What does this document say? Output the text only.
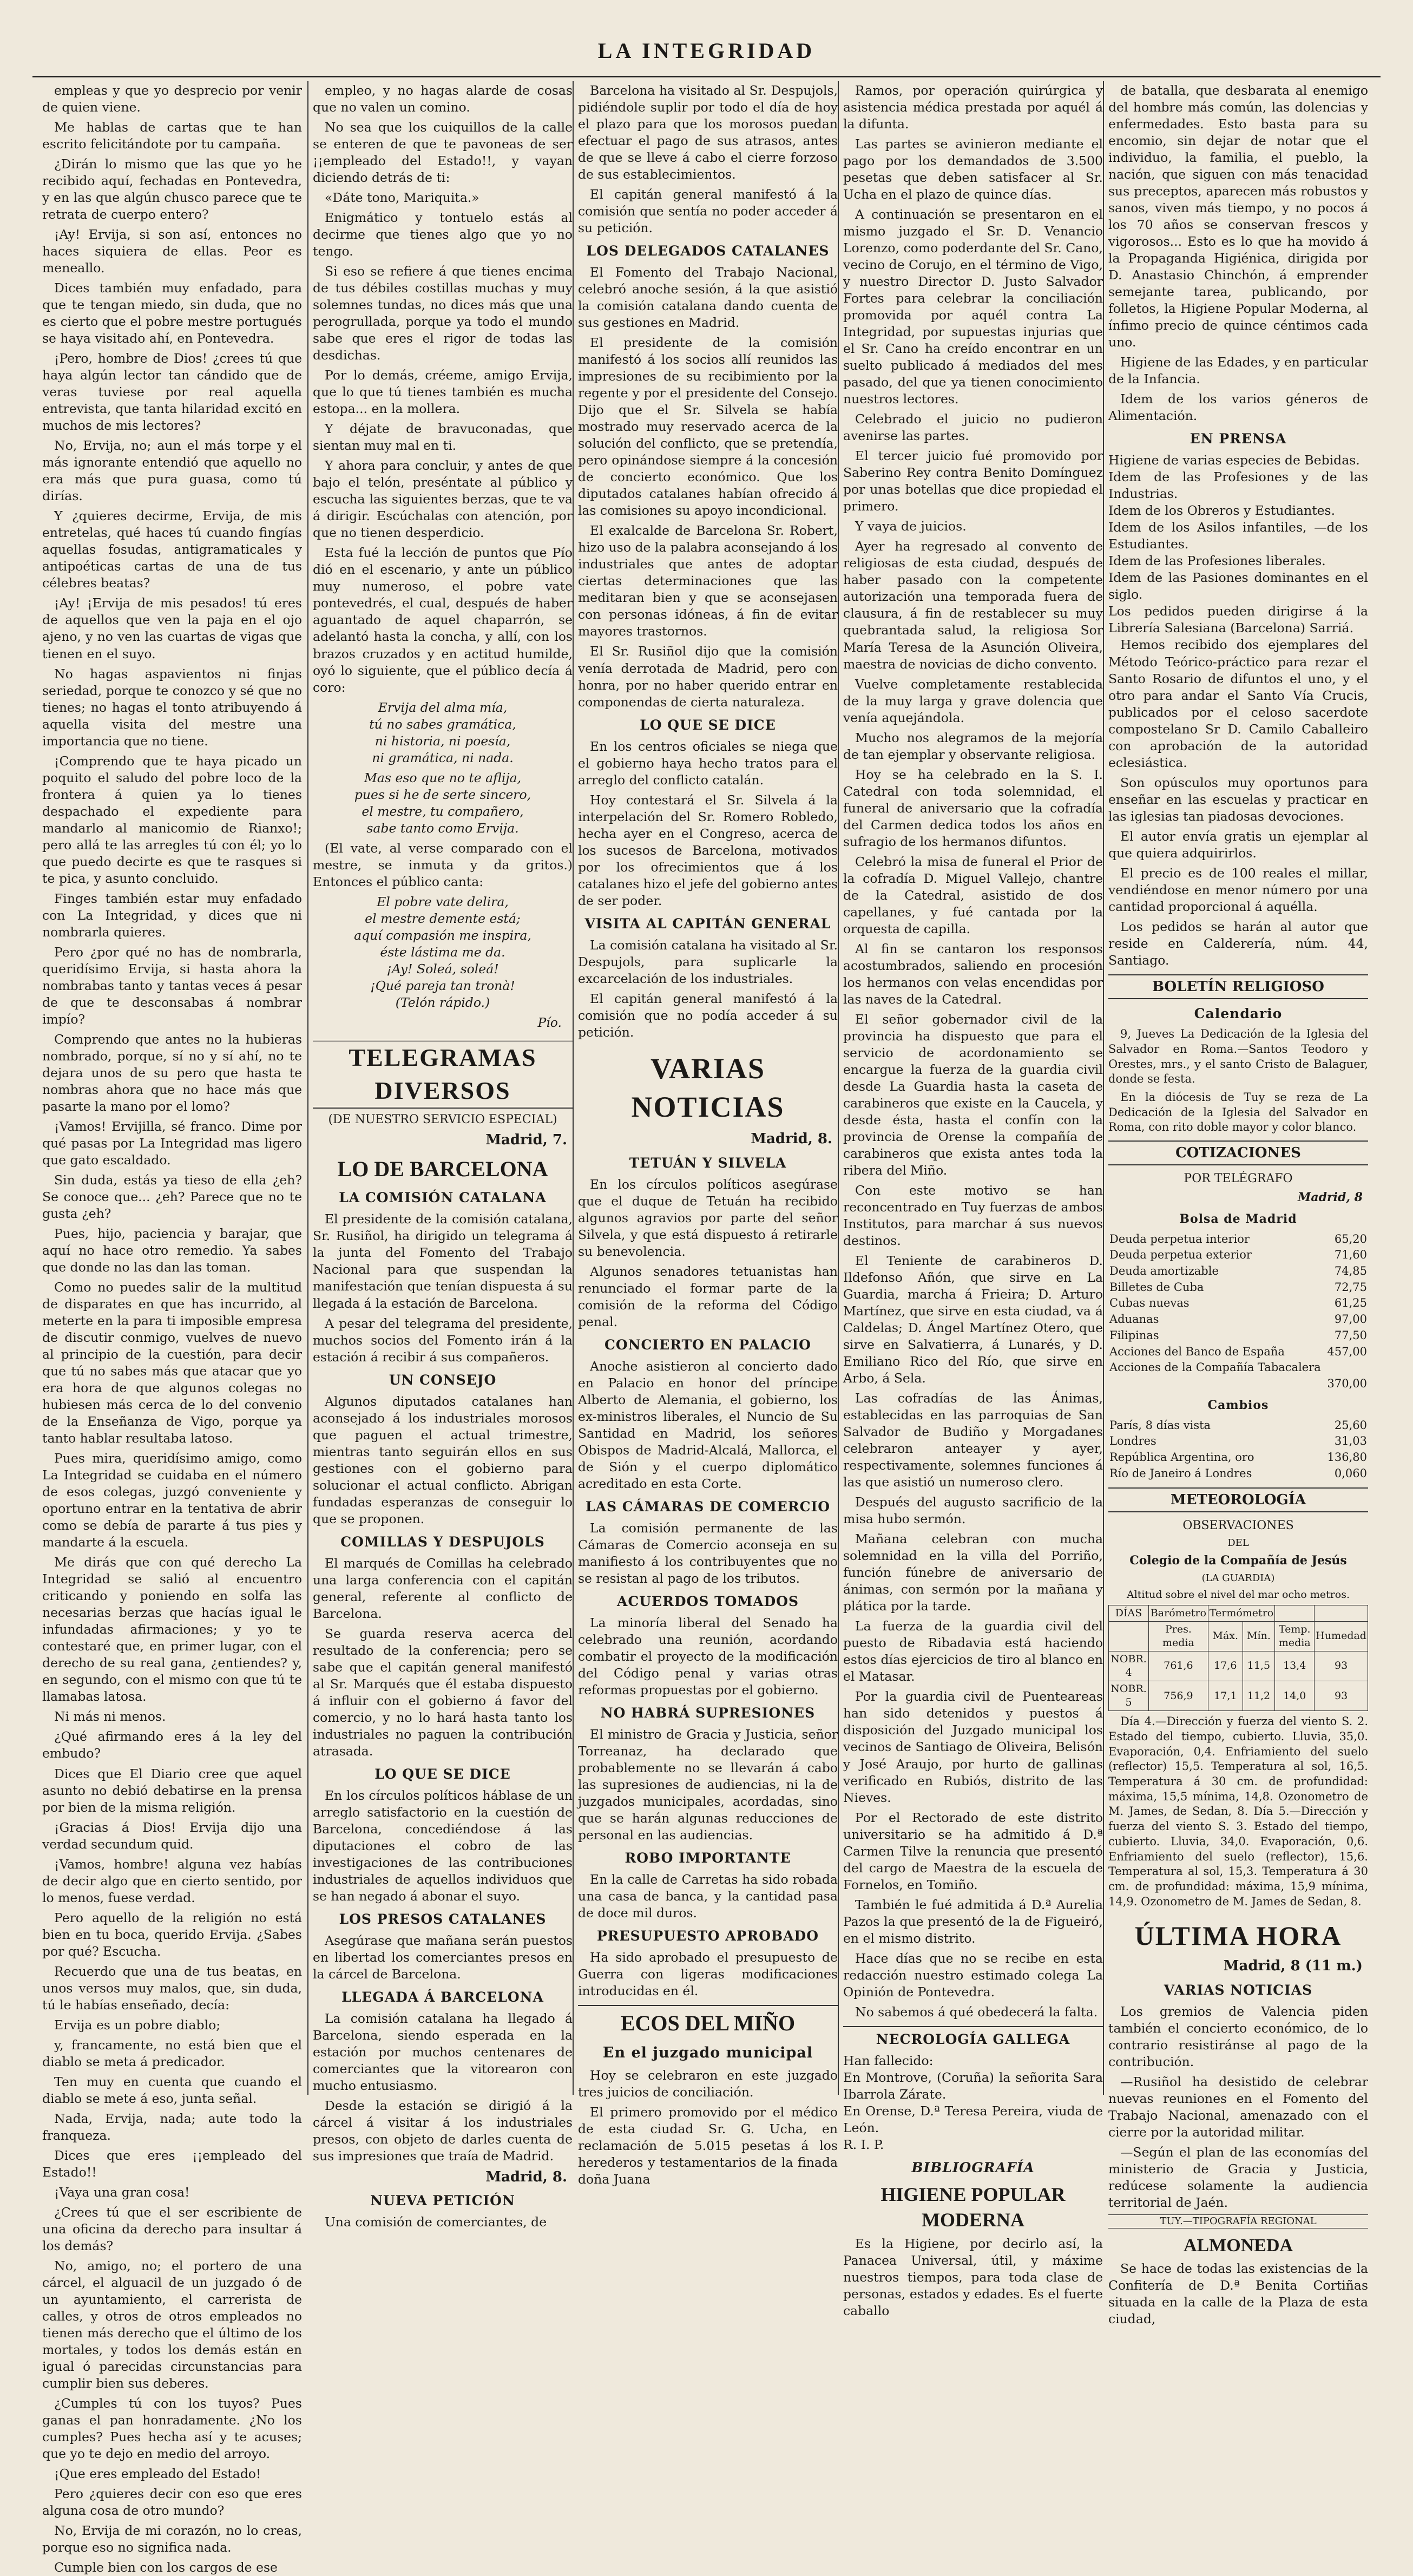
LA INTEGRIDAD

empleas y que yo desprecio por venir de quien viene.

Me hablas de cartas que te han escrito felicitándote por tu campaña.

¿Dirán lo mismo que las que yo he recibido aquí, fechadas en Pontevedra, y en las que algún chusco parece que te retrata de cuerpo entero?

¡Ay! Ervija, si son así, entonces no haces siquiera de ellas. Peor es meneallo.

Dices también muy enfadado, para que te tengan miedo, sin duda, que no es cierto que el pobre mestre portugués se haya visitado ahí, en Pontevedra.

¡Pero, hombre de Dios! ¿crees tú que haya algún lector tan cándido que de veras tuviese por real aquella entrevista, que tanta hilaridad excitó en muchos de mis lectores?

No, Ervija, no; aun el más torpe y el más ignorante entendió que aquello no era más que pura guasa, como tú dirías.

Y ¿quieres decirme, Ervija, de mis entretelas, qué haces tú cuando fingías aquellas fosudas, antigramaticales y antipoéticas cartas de una de tus célebres beatas?

¡Ay! ¡Ervija de mis pesados! tú eres de aquellos que ven la paja en el ojo ajeno, y no ven las cuartas de vigas que tienen en el suyo.

No hagas aspavientos ni finjas seriedad, porque te conozco y sé que no tienes; no hagas el tonto atribuyendo á aquella visita del mestre una importancia que no tiene.

¡Comprendo que te haya picado un poquito el saludo del pobre loco de la frontera á quien ya lo tienes despachado el expediente para mandarlo al manicomio de Rianxo!; pero allá te las arregles tú con él; yo lo que puedo decirte es que te rasques si te pica, y asunto concluido.

Finges también estar muy enfadado con La Integridad, y dices que ni nombrarla quieres.

Pero ¿por qué no has de nombrarla, queridísimo Ervija, si hasta ahora la nombrabas tanto y tantas veces á pesar de que te desconsabas á nombrar impío?

Comprendo que antes no la hubieras nombrado, porque, sí no y sí ahí, no te dejara unos de su pero que hasta te nombras ahora que no hace más que pasarte la mano por el lomo?

¡Vamos! Ervijilla, sé franco. Dime por qué pasas por La Integridad mas ligero que gato escaldado.

Sin duda, estás ya tieso de ella ¿eh? Se conoce que... ¿eh? Parece que no te gusta ¿eh?

Pues, hijo, paciencia y barajar, que aquí no hace otro remedio. Ya sabes que donde no las dan las toman.

Como no puedes salir de la multitud de disparates en que has incurrido, al meterte en la para ti imposible empresa de discutir conmigo, vuelves de nuevo al principio de la cuestión, para decir que tú no sabes más que atacar que yo era hora de que algunos colegas no hubiesen más cerca de lo del convenio de la Enseñanza de Vigo, porque ya tanto hablar resultaba latoso.

Pues mira, queridísimo amigo, como La Integridad se cuidaba en el número de esos colegas, juzgó conveniente y oportuno entrar en la tentativa de abrir como se debía de pararte á tus pies y mandarte á la escuela.

Me dirás que con qué derecho La Integridad se salió al encuentro criticando y poniendo en solfa las necesarias berzas que hacías igual le infundadas afirmaciones; y yo te contestaré que, en primer lugar, con el derecho de su real gana, ¿entiendes? y, en segundo, con el mismo con que tú te llamabas latosa.

Ni más ni menos.

¿Qué afirmando eres á la ley del embudo?

Dices que El Diario cree que aquel asunto no debió debatirse en la prensa por bien de la misma religión.

¡Gracias á Dios! Ervija dijo una verdad secundum quid.

¡Vamos, hombre! alguna vez habías de decir algo que en cierto sentido, por lo menos, fuese verdad.

Pero aquello de la religión no está bien en tu boca, querido Ervija. ¿Sabes por qué? Escucha.

Recuerdo que una de tus beatas, en unos versos muy malos, que, sin duda, tú le habías enseñado, decía:

Ervija es un pobre diablo;

y, francamente, no está bien que el diablo se meta á predicador.

Ten muy en cuenta que cuando el diablo se mete á eso, junta señal.

Nada, Ervija, nada; aute todo la franqueza.

Dices que eres ¡¡empleado del Estado!!

¡Vaya una gran cosa!

¿Crees tú que el ser escribiente de una oficina da derecho para insultar á los demás?

No, amigo, no; el portero de una cárcel, el alguacil de un juzgado ó de un ayuntamiento, el carrerista de calles, y otros de otros empleados no tienen más derecho que el último de los mortales, y todos los demás están en igual ó parecidas circunstancias para cumplir bien sus deberes.

¿Cumples tú con los tuyos? Pues ganas el pan honradamente. ¿No los cumples? Pues hecha así y te acuses; que yo te dejo en medio del arroyo.

¡Que eres empleado del Estado!

Pero ¿quieres decir con eso que eres alguna cosa de otro mundo?

No, Ervija de mi corazón, no lo creas, porque eso no significa nada.

Cumple bien con los cargos de ese

empleo, y no hagas alarde de cosas que no valen un comino.

No sea que los cuiquillos de la calle se enteren de que te pavoneas de ser ¡¡empleado del Estado!!, y vayan diciendo detrás de ti:

«Dáte tono, Mariquita.»

Enigmático y tontuelo estás al decirme que tienes algo que yo no tengo.

Si eso se refiere á que tienes encima de tus débiles costillas muchas y muy solemnes tundas, no dices más que una perogrullada, porque ya todo el mundo sabe que eres el rigor de todas las desdichas.

Por lo demás, créeme, amigo Ervija, que lo que tú tienes también es mucha estopa... en la mollera.

Y déjate de bravuconadas, que sientan muy mal en ti.

Y ahora para concluir, y antes de que bajo el telón, preséntate al público y escucha las siguientes berzas, que te va á dirigir. Escúchalas con atención, por que no tienen desperdicio.

Esta fué la lección de puntos que Pío dió en el escenario, y ante un público muy numeroso, el pobre vate pontevedrés, el cual, después de haber aguantado de aquel chaparrón, se adelantó hasta la concha, y allí, con los brazos cruzados y en actitud humilde, oyó lo siguiente, que el público decía á coro:

Ervija del alma mía,
tú no sabes gramática,
ni historia, ni poesía,
ni gramática, ni nada.
Mas eso que no te aflija,
pues si he de serte sincero,
el mestre, tu compañero,
sabe tanto como Ervija.

(El vate, al verse comparado con el mestre, se inmuta y da gritos.) Entonces el público canta:

El pobre vate delira,
el mestre demente está;
aquí compasión me inspira,
éste lástima me da.
¡Ay! Soleá, soleá!
¡Qué pareja tan tronà!
(Telón rápido.)
Pío.
TELEGRAMAS DIVERSOS
(DE NUESTRO SERVICIO ESPECIAL)
Madrid, 7.
LO DE BARCELONA
LA COMISIÓN CATALANA

El presidente de la comisión catalana, Sr. Rusiñol, ha dirigido un telegrama á la junta del Fomento del Trabajo Nacional para que suspendan la manifestación que tenían dispuesta á su llegada á la estación de Barcelona.

A pesar del telegrama del presidente, muchos socios del Fomento irán á la estación á recibir á sus compañeros.

UN CONSEJO

Algunos diputados catalanes han aconsejado á los industriales morosos que paguen el actual trimestre, mientras tanto seguirán ellos en sus gestiones con el gobierno para solucionar el actual conflicto. Abrigan fundadas esperanzas de conseguir lo que se proponen.

COMILLAS Y DESPUJOLS

El marqués de Comillas ha celebrado una larga conferencia con el capitán general, referente al conflicto de Barcelona.

Se guarda reserva acerca del resultado de la conferencia; pero se sabe que el capitán general manifestó al Sr. Marqués que él estaba dispuesto á influir con el gobierno á favor del comercio, y no lo hará hasta tanto los industriales no paguen la contribución atrasada.

LO QUE SE DICE

En los círculos políticos háblase de un arreglo satisfactorio en la cuestión de Barcelona, concediéndose á las diputaciones el cobro de las investigaciones de las contribuciones industriales de aquellos individuos que se han negado á abonar el suyo.

LOS PRESOS CATALANES

Asegúrase que mañana serán puestos en libertad los comerciantes presos en la cárcel de Barcelona.

LLEGADA Á BARCELONA

La comisión catalana ha llegado á Barcelona, siendo esperada en la estación por muchos centenares de comerciantes que la vitorearon con mucho entusiasmo.

Desde la estación se dirigió á la cárcel á visitar á los industriales presos, con objeto de darles cuenta de sus impresiones que traía de Madrid.

Madrid, 8.
NUEVA PETICIÓN

Una comisión de comerciantes, de

Barcelona ha visitado al Sr. Despujols, pidiéndole suplir por todo el día de hoy el plazo para que los morosos puedan efectuar el pago de sus atrasos, antes de que se lleve á cabo el cierre forzoso de sus establecimientos.

El capitán general manifestó á la comisión que sentía no poder acceder á su petición.

LOS DELEGADOS CATALANES

El Fomento del Trabajo Nacional, celebró anoche sesión, á la que asistió la comisión catalana dando cuenta de sus gestiones en Madrid.

El presidente de la comisión manifestó á los socios allí reunidos las impresiones de su recibimiento por la regente y por el presidente del Consejo. Dijo que el Sr. Silvela se había mostrado muy reservado acerca de la solución del conflicto, que se pretendía, pero opinándose siempre á la concesión de concierto económico. Que los diputados catalanes habían ofrecido á las comisiones su apoyo incondicional.

El exalcalde de Barcelona Sr. Robert, hizo uso de la palabra aconsejando á los industriales que antes de adoptar ciertas determinaciones que las meditaran bien y que se aconsejasen con personas idóneas, á fin de evitar mayores trastornos.

El Sr. Rusiñol dijo que la comisión venía derrotada de Madrid, pero con honra, por no haber querido entrar en componendas de cierta naturaleza.

LO QUE SE DICE

En los centros oficiales se niega que el gobierno haya hecho tratos para el arreglo del conflicto catalán.

Hoy contestará el Sr. Silvela á la interpelación del Sr. Romero Robledo, hecha ayer en el Congreso, acerca de los sucesos de Barcelona, motivados por los ofrecimientos que á los catalanes hizo el jefe del gobierno antes de ser poder.

VISITA AL CAPITÁN GENERAL

La comisión catalana ha visitado al Sr. Despujols, para suplicarle la excarcelación de los industriales.

El capitán general manifestó á la comisión que no podía acceder á su petición.

VARIAS NOTICIAS
Madrid, 8.
TETUÁN Y SILVELA

En los círculos políticos asegúrase que el duque de Tetuán ha recibido algunos agravios por parte del señor Silvela, y que está dispuesto á retirarle su benevolencia.

Algunos senadores tetuanistas han renunciado el formar parte de la comisión de la reforma del Código penal.

CONCIERTO EN PALACIO

Anoche asistieron al concierto dado en Palacio en honor del príncipe Alberto de Alemania, el gobierno, los ex-ministros liberales, el Nuncio de Su Santidad en Madrid, los señores Obispos de Madrid-Alcalá, Mallorca, el de Sión y el cuerpo diplomático acreditado en esta Corte.

LAS CÁMARAS DE COMERCIO

La comisión permanente de las Cámaras de Comercio aconseja en su manifiesto á los contribuyentes que no se resistan al pago de los tributos.

ACUERDOS TOMADOS

La minoría liberal del Senado ha celebrado una reunión, acordando combatir el proyecto de la modificación del Código penal y varias otras reformas propuestas por el gobierno.

NO HABRÁ SUPRESIONES

El ministro de Gracia y Justicia, señor Torreanaz, ha declarado que probablemente no se llevarán á cabo las supresiones de audiencias, ni la de juzgados municipales, acordadas, sino que se harán algunas reducciones de personal en las audiencias.

ROBO IMPORTANTE

En la calle de Carretas ha sido robada una casa de banca, y la cantidad pasa de doce mil duros.

PRESUPUESTO APROBADO

Ha sido aprobado el presupuesto de Guerra con ligeras modificaciones introducidas en él.

ECOS DEL MIÑO
En el juzgado municipal

Hoy se celebraron en este juzgado tres juicios de conciliación.

El primero promovido por el médico de esta ciudad Sr. G. Ucha, en reclamación de 5.015 pesetas á los herederos y testamentarios de la finada doña Juana

Ramos, por operación quirúrgica y asistencia médica prestada por aquél á la difunta.

Las partes se avinieron mediante el pago por los demandados de 3.500 pesetas que deben satisfacer al Sr. Ucha en el plazo de quince días.

A continuación se presentaron en el mismo juzgado el Sr. D. Venancio Lorenzo, como poderdante del Sr. Cano, vecino de Corujo, en el término de Vigo, y nuestro Director D. Justo Salvador Fortes para celebrar la conciliación promovida por aquél contra La Integridad, por supuestas injurias que el Sr. Cano ha creído encontrar en un suelto publicado á mediados del mes pasado, del que ya tienen conocimiento nuestros lectores.

Celebrado el juicio no pudieron avenirse las partes.

El tercer juicio fué promovido por Saberino Rey contra Benito Domínguez por unas botellas que dice propiedad el primero.

Y vaya de juicios.

Ayer ha regresado al convento de religiosas de esta ciudad, después de haber pasado con la competente autorización una temporada fuera de clausura, á fin de restablecer su muy quebrantada salud, la religiosa Sor María Teresa de la Asunción Oliveira, maestra de novicias de dicho convento.

Vuelve completamente restablecida de la muy larga y grave dolencia que venía aquejándola.

Mucho nos alegramos de la mejoría de tan ejemplar y observante religiosa.

Hoy se ha celebrado en la S. I. Catedral con toda solemnidad, el funeral de aniversario que la cofradía del Carmen dedica todos los años en sufragio de los hermanos difuntos.

Celebró la misa de funeral el Prior de la cofradía D. Miguel Vallejo, chantre de la Catedral, asistido de dos capellanes, y fué cantada por la orquesta de capilla.

Al fin se cantaron los responsos acostumbrados, saliendo en procesión los hermanos con velas encendidas por las naves de la Catedral.

El señor gobernador civil de la provincia ha dispuesto que para el servicio de acordonamiento se encargue la fuerza de la guardia civil desde La Guardia hasta la caseta de carabineros que existe en la Caucela, y desde ésta, hasta el confín con la provincia de Orense la compañía de carabineros que exista antes toda la ribera del Miño.

Con este motivo se han reconcentrado en Tuy fuerzas de ambos Institutos, para marchar á sus nuevos destinos.

El Teniente de carabineros D. Ildefonso Añón, que sirve en La Guardia, marcha á Frieira; D. Arturo Martínez, que sirve en esta ciudad, va á Caldelas; D. Ángel Martínez Otero, que sirve en Salvatierra, á Lunarés, y D. Emiliano Rico del Río, que sirve en Arbo, á Sela.

Las cofradías de las Ánimas, establecidas en las parroquias de San Salvador de Budiño y Morgadanes celebraron anteayer y ayer, respectivamente, solemnes funciones á las que asistió un numeroso clero.

Después del augusto sacrificio de la misa hubo sermón.

Mañana celebran con mucha solemnidad en la villa del Porriño, función fúnebre de aniversario de ánimas, con sermón por la mañana y plática por la tarde.

La fuerza de la guardia civil del puesto de Ribadavia está haciendo estos días ejercicios de tiro al blanco en el Matasar.

Por la guardia civil de Puenteareas han sido detenidos y puestos á disposición del Juzgado municipal los vecinos de Santiago de Oliveira, Belisón y José Araujo, por hurto de gallinas verificado en Rubiós, distrito de las Nieves.

Por el Rectorado de este distrito universitario se ha admitido á D.ª Carmen Tilve la renuncia que presentó del cargo de Maestra de la escuela de Fornelos, en Tomiño.

También le fué admitida á D.ª Aurelia Pazos la que presentó de la de Figueiró, en el mismo distrito.

Hace días que no se recibe en esta redacción nuestro estimado colega La Opinión de Pontevedra.

No sabemos á qué obedecerá la falta.

NECROLOGÍA GALLEGA
Han fallecido:
En Montrove, (Coruña) la señorita Sara Ibarrola Zárate.
En Orense, D.ª Teresa Pereira, viuda de León.
R. I. P.
BIBLIOGRAFÍA
HIGIENE POPULAR MODERNA

Es la Higiene, por decirlo así, la Panacea Universal, útil, y máxime nuestros tiempos, para toda clase de personas, estados y edades. Es el fuerte caballo

de batalla, que desbarata al enemigo del hombre más común, las dolencias y enfermedades. Esto basta para su encomio, sin dejar de notar que el individuo, la familia, el pueblo, la nación, que siguen con más tenacidad sus preceptos, aparecen más robustos y sanos, viven más tiempo, y no pocos á los 70 años se conservan frescos y vigorosos... Esto es lo que ha movido á la Propaganda Higiénica, dirigida por D. Anastasio Chinchón, á emprender semejante tarea, publicando, por folletos, la Higiene Popular Moderna, al ínfimo precio de quince céntimos cada uno.

Higiene de las Edades, y en particular de la Infancia.

Idem de los varios géneros de Alimentación.

EN PRENSA
Higiene de varias especies de Bebidas.
Idem de las Profesiones y de las Industrias.
Idem de los Obreros y Estudiantes.
Idem de los Asilos infantiles, —de los Estudiantes.
Idem de las Profesiones liberales.
Idem de las Pasiones dominantes en el siglo.
Los pedidos pueden dirigirse á la Librería Salesiana (Barcelona) Sarriá.

Hemos recibido dos ejemplares del Método Teórico-práctico para rezar el Santo Rosario de difuntos el uno, y el otro para andar el Santo Vía Crucis, publicados por el celoso sacerdote compostelano Sr D. Camilo Caballeiro con aprobación de la autoridad eclesiástica.

Son opúsculos muy oportunos para enseñar en las escuelas y practicar en las iglesias tan piadosas devociones.

El autor envía gratis un ejemplar al que quiera adquirirlos.

El precio es de 100 reales el millar, vendiéndose en menor número por una cantidad proporcional á aquélla.

Los pedidos se harán al autor que reside en Calderería, núm. 44, Santiago.

BOLETÍN RELIGIOSO
Calendario

9, Jueves La Dedicación de la Iglesia del Salvador en Roma.—Santos Teodoro y Orestes, mrs., y el santo Cristo de Balaguer, donde se festa.

En la diócesis de Tuy se reza de La Dedicación de la Iglesia del Salvador en Roma, con rito doble mayor y color blanco.

COTIZACIONES
POR TELÉGRAFO
Madrid, 8
Bolsa de Madrid
Deuda perpetua interior	65,20
Deuda perpetua exterior	71,60
Deuda amortizable	74,85
Billetes de Cuba	72,75
Cubas nuevas	61,25
Aduanas	97,00
Filipinas	77,50
Acciones del Banco de España	457,00
Acciones de la Compañía Tabacalera	
	370,00
Cambios
París, 8 días vista	25,60
Londres	31,03
República Argentina, oro	136,80
Río de Janeiro á Londres	0,060
METEOROLOGÍA
OBSERVACIONES
DEL
Colegio de la Compañía de Jesús
(LA GUARDIA)
Altitud sobre el nivel del mar ocho metros.
DÍAS	Barómetro	Termómetro			
	Pres. media	Máx.	Mín.	Temp. media	Humedad
NOBR. 4	761,6	17,6	11,5	13,4	93
NOBR. 5	756,9	17,1	11,2	14,0	93

Día 4.—Dirección y fuerza del viento S. 2. Estado del tiempo, cubierto. Lluvia, 35,0. Evaporación, 0,4. Enfriamiento del suelo (reflector) 15,5. Temperatura al sol, 16,5. Temperatura á 30 cm. de profundidad: máxima, 15,5 mínima, 14,8. Ozonometro de M. James, de Sedan, 8. Día 5.—Dirección y fuerza del viento S. 3. Estado del tiempo, cubierto. Lluvia, 34,0. Evaporación, 0,6. Enfriamiento del suelo (reflector), 15,6. Temperatura al sol, 15,3. Temperatura á 30 cm. de profundidad: máxima, 15,9 mínima, 14,9. Ozonometro de M. James de Sedan, 8.

ÚLTIMA HORA
Madrid, 8 (11 m.)
VARIAS NOTICIAS

Los gremios de Valencia piden también el concierto económico, de lo contrario resistiránse al pago de la contribución.

—Rusiñol ha desistido de celebrar nuevas reuniones en el Fomento del Trabajo Nacional, amenazado con el cierre por la autoridad militar.

—Según el plan de las economías del ministerio de Gracia y Justicia, redúcese solamente la audiencia territorial de Jaén.

TUY.—TIPOGRAFÍA REGIONAL
ALMONEDA

Se hace de todas las existencias de la Confitería de D.ª Benita Cortiñas situada en la calle de la Plaza de esta ciudad,
